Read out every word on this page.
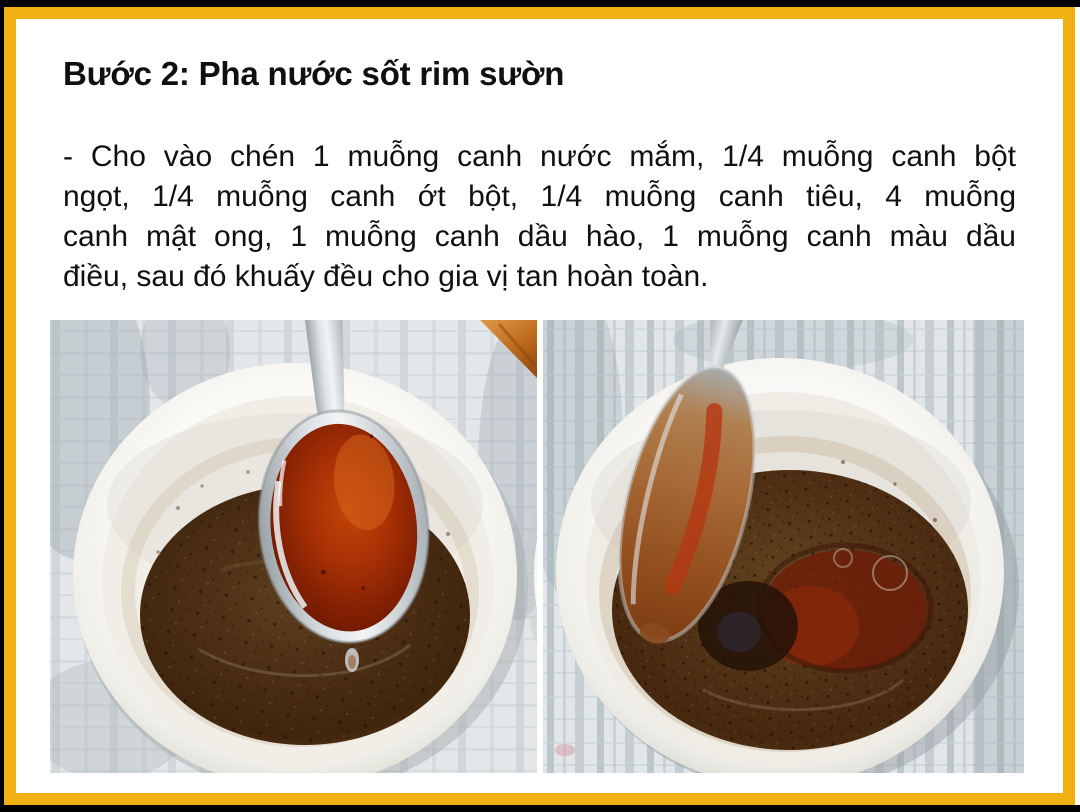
Bước 2: Pha nước sốt rim sườn
- Cho vào chén 1 muỗng canh nước mắm, 1/4 muỗng canh bột
ngọt, 1/4 muỗng canh ớt bột, 1/4 muỗng canh tiêu, 4 muỗng
canh mật ong, 1 muỗng canh dầu hào, 1 muỗng canh màu dầu
điều, sau đó khuấy đều cho gia vị tan hoàn toàn.
